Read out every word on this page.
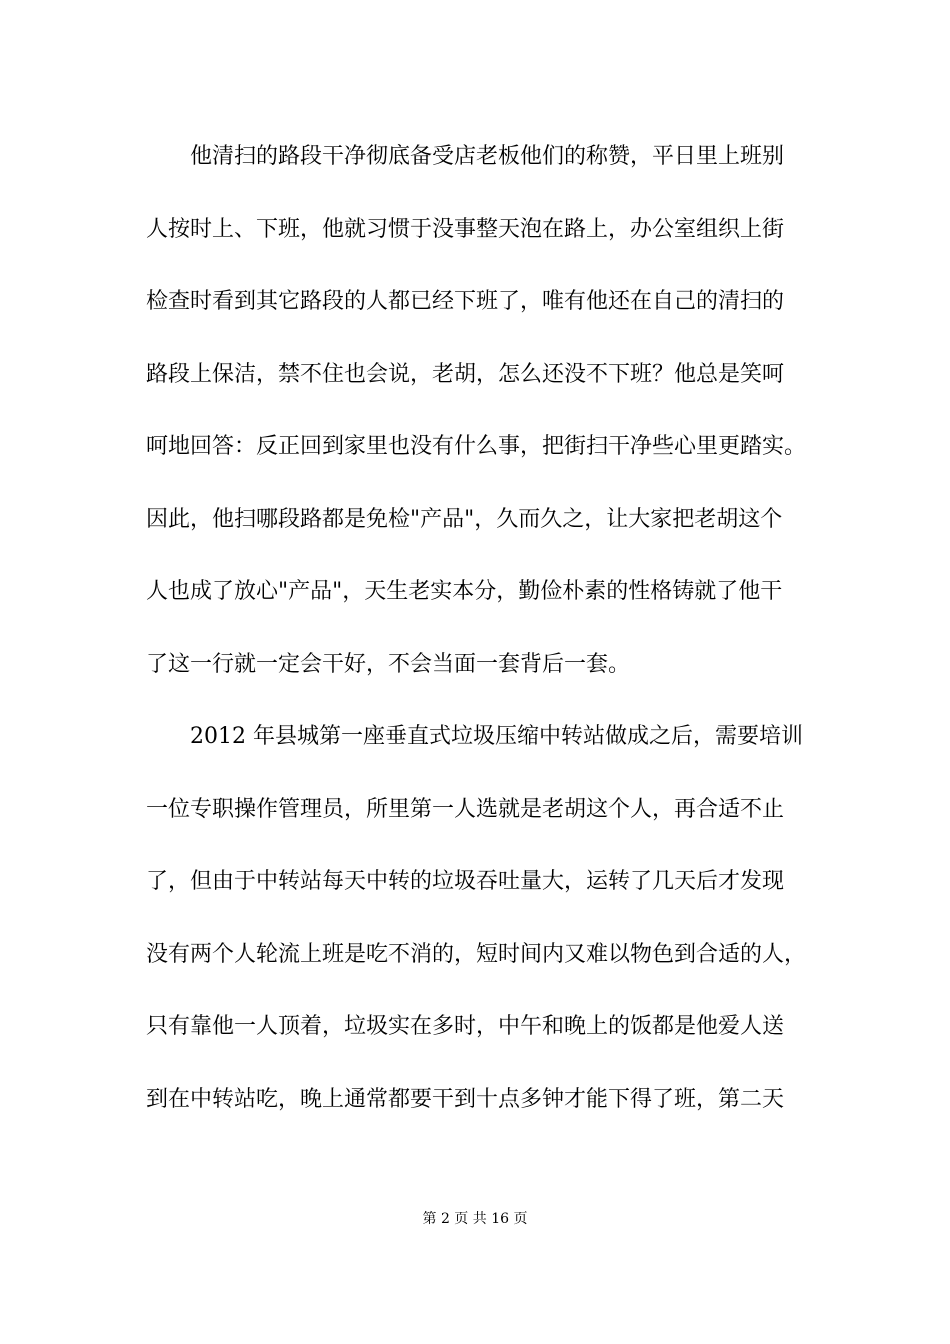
他清扫的路段干净彻底备受店老板他们的称赞，平日里上班别
人按时上、下班，他就习惯于没事整天泡在路上，办公室组织上街
检查时看到其它路段的人都已经下班了，唯有他还在自己的清扫的
路段上保洁，禁不住也会说，老胡，怎么还没不下班？他总是笑呵
呵地回答：反正回到家里也没有什么事，把街扫干净些心里更踏实。
因此，他扫哪段路都是免检"产品"，久而久之，让大家把老胡这个
人也成了放心"产品"，天生老实本分，勤俭朴素的性格铸就了他干
了这一行就一定会干好，不会当面一套背后一套。

2012 年县城第一座垂直式垃圾压缩中转站做成之后，需要培训
一位专职操作管理员，所里第一人选就是老胡这个人，再合适不止
了，但由于中转站每天中转的垃圾吞吐量大，运转了几天后才发现
没有两个人轮流上班是吃不消的，短时间内又难以物色到合适的人，
只有靠他一人顶着，垃圾实在多时，中午和晚上的饭都是他爱人送
到在中转站吃，晚上通常都要干到十点多钟才能下得了班，第二天

第 2 页 共 16 页
